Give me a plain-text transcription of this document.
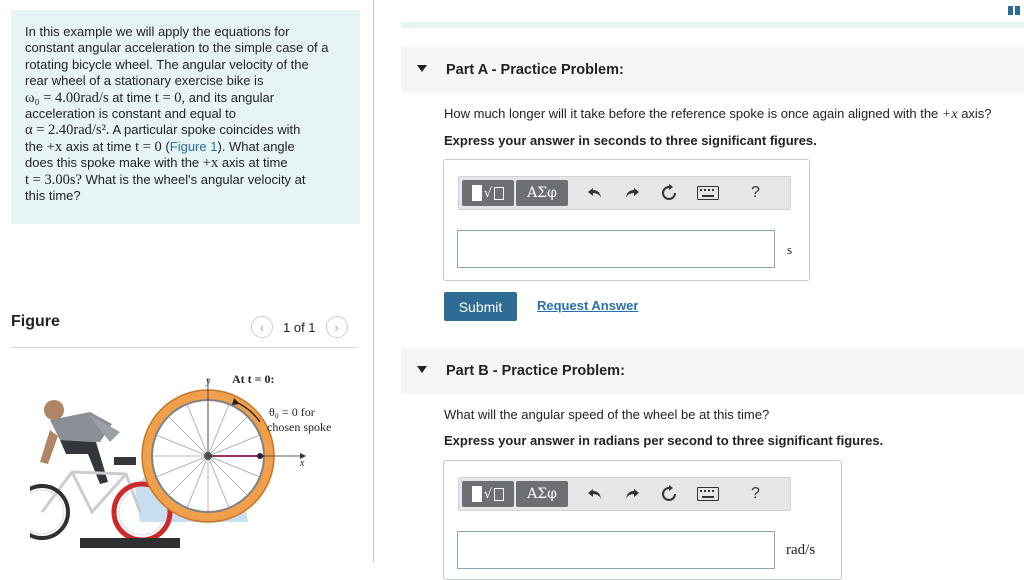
In this example we will apply the equations for
constant angular acceleration to the simple case of a
rotating bicycle wheel. The angular velocity of the
rear wheel of a stationary exercise bike is
ω₀ = 4.00rad/s at time t = 0, and its angular
acceleration is constant and equal to
α = 2.40rad/s². A particular spoke coincides with
the +x axis at time t = 0 (Figure 1). What angle
does this spoke make with the +x axis at time
t = 3.00s? What is the wheel's angular velocity at
this time?
Figure	‹ 1 of 1 ›
y
x
At t = 0:
θ₀ = 0 for
chosen spoke
Part A - Practice Problem:
How much longer will it take before the reference spoke is once again aligned with the +x axis?
Express your answer in seconds to three significant figures.
√	ΑΣφ	?
s
Submit	Request Answer
Part B - Practice Problem:
What will the angular speed of the wheel be at this time?
Express your answer in radians per second to three significant figures.
√	ΑΣφ	?
rad/s
